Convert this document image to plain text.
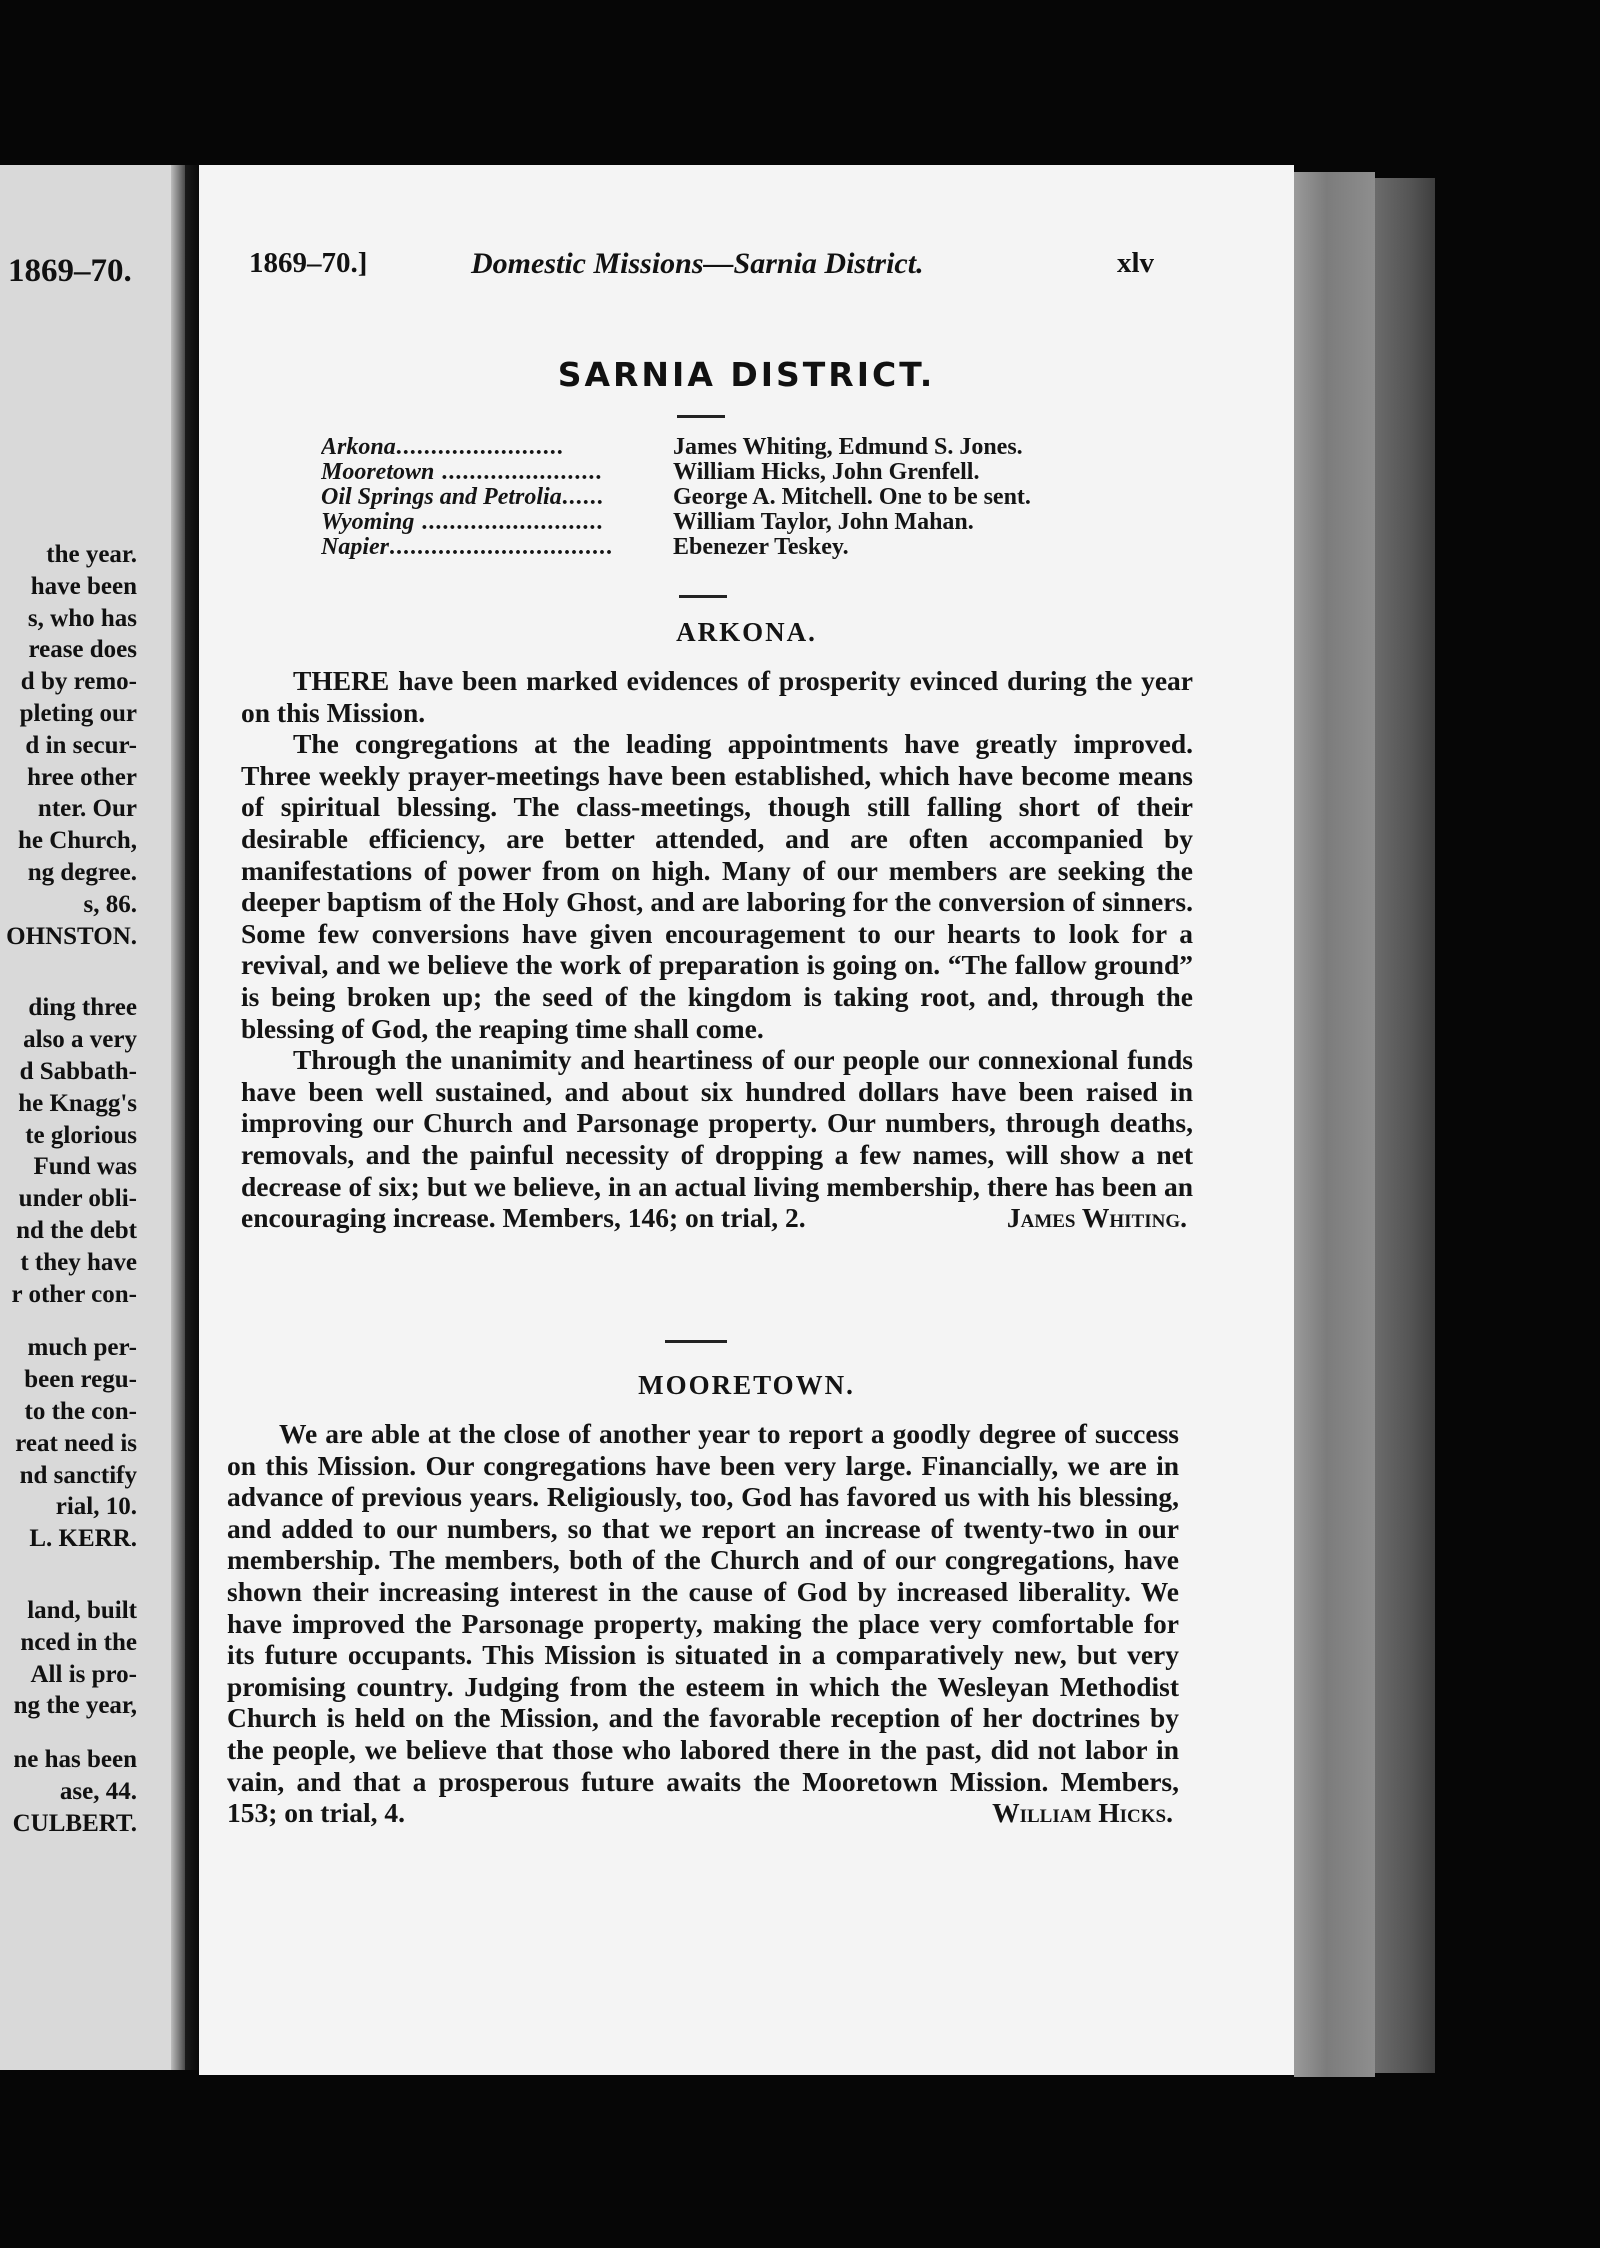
1869–70.
the year.
have been
s, who has
rease does
d by remo-
pleting our
d in secur-
hree other
nter. Our
he Church,
ng degree.
s, 86.
OHNSTON.
ding three
also a very
d Sabbath-
he Knagg's
te glorious
Fund was
under obli-
nd the debt
t they have
r other con-
much per-
been regu-
to the con-
reat need is
nd sanctify
rial, 10.
L. KERR.
land, built
nced in the
All is pro-
ng the year,
ne has been
ase, 44.
CULBERT.
1869–70.]	Domestic Missions—Sarnia District.	xlv
SARNIA DISTRICT.
Arkona........................	James Whiting, Edmund S. Jones.
Mooretown .......................	William Hicks, John Grenfell.
Oil Springs and Petrolia......	George A. Mitchell. One to be sent.
Wyoming ..........................	William Taylor, John Mahan.
Napier................................	Ebenezer Teskey.
ARKONA.

THERE have been marked evidences of prosperity evinced during the year on this Mission.

The congregations at the leading appointments have greatly improved. Three weekly prayer-meetings have been established, which have become means of spiritual blessing. The class-meetings, though still falling short of their desirable efficiency, are better attended, and are often accompanied by manifestations of power from on high. Many of our members are seeking the deeper baptism of the Holy Ghost, and are laboring for the conversion of sinners. Some few conversions have given encouragement to our hearts to look for a revival, and we believe the work of preparation is going on. “The fallow ground” is being broken up; the seed of the kingdom is taking root, and, through the blessing of God, the reaping time shall come.

Through the unanimity and heartiness of our people our connexional funds have been well sustained, and about six hundred dollars have been raised in improving our Church and Parsonage property. Our numbers, through deaths, removals, and the painful necessity of dropping a few names, will show a net decrease of six; but we believe, in an actual living membership, there has been an encouraging increase. Members, 146; on trial, 2.	James Whiting.

MOORETOWN.

We are able at the close of another year to report a goodly degree of success on this Mission. Our congregations have been very large. Financially, we are in advance of previous years. Religiously, too, God has favored us with his blessing, and added to our numbers, so that we report an increase of twenty-two in our membership. The members, both of the Church and of our congregations, have shown their increasing interest in the cause of God by increased liberality. We have improved the Parsonage property, making the place very comfortable for its future occupants. This Mission is situated in a comparatively new, but very promising country. Judging from the esteem in which the Wesleyan Methodist Church is held on the Mission, and the favorable reception of her doctrines by the people, we believe that those who labored there in the past, did not labor in vain, and that a prosperous future awaits the Mooretown Mission. Members, 153; on trial, 4.	William Hicks.
